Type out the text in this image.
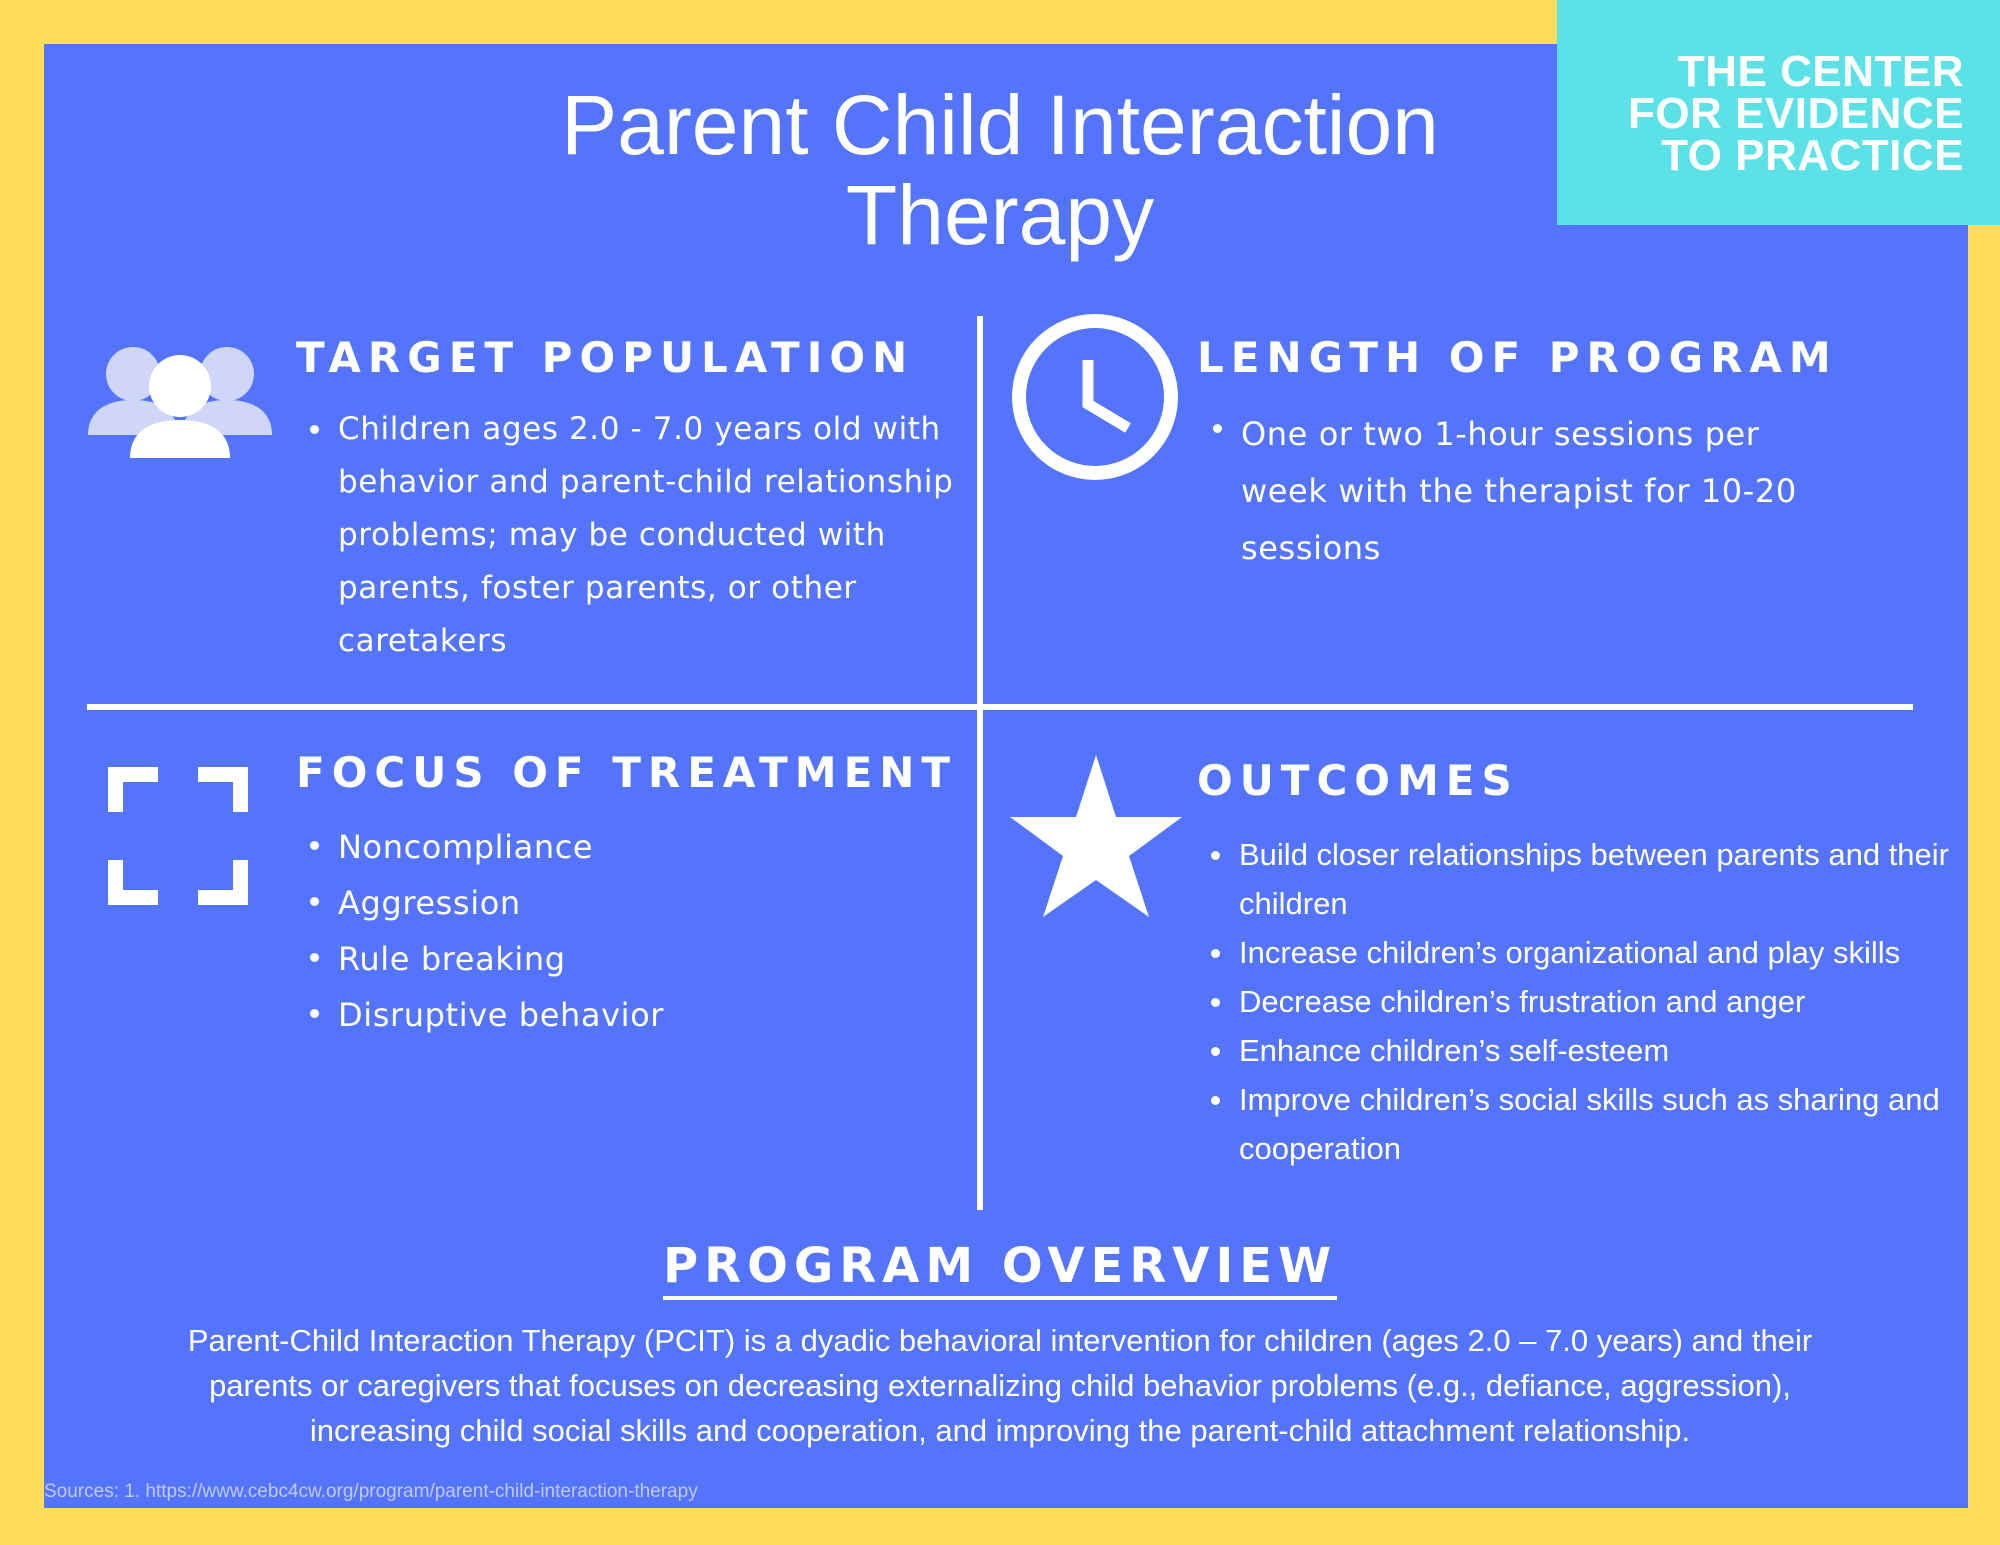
THE CENTER
FOR EVIDENCE
TO PRACTICE
Parent Child Interaction
Therapy
TARGET POPULATION
Children ages 2.0 - 7.0 years old with behavior and parent-child relationship problems; may be conducted with parents, foster parents, or other caretakers
LENGTH OF PROGRAM
One or two 1-hour sessions per week with the therapist for 10-20 sessions
FOCUS OF TREATMENT
Noncompliance
Aggression
Rule breaking
Disruptive behavior
OUTCOMES
Build closer relationships between parents and their children
Increase children’s organizational and play skills
Decrease children’s frustration and anger
Enhance children’s self-esteem
Improve children’s social skills such as sharing and cooperation
PROGRAM OVERVIEW
Parent-Child Interaction Therapy (PCIT) is a dyadic behavioral intervention for children (ages 2.0 – 7.0 years) and their parents or caregivers that focuses on decreasing externalizing child behavior problems (e.g., defiance, aggression), increasing child social skills and cooperation, and improving the parent-child attachment relationship.
Sources: 1. https://www.cebc4cw.org/program/parent-child-interaction-therapy
